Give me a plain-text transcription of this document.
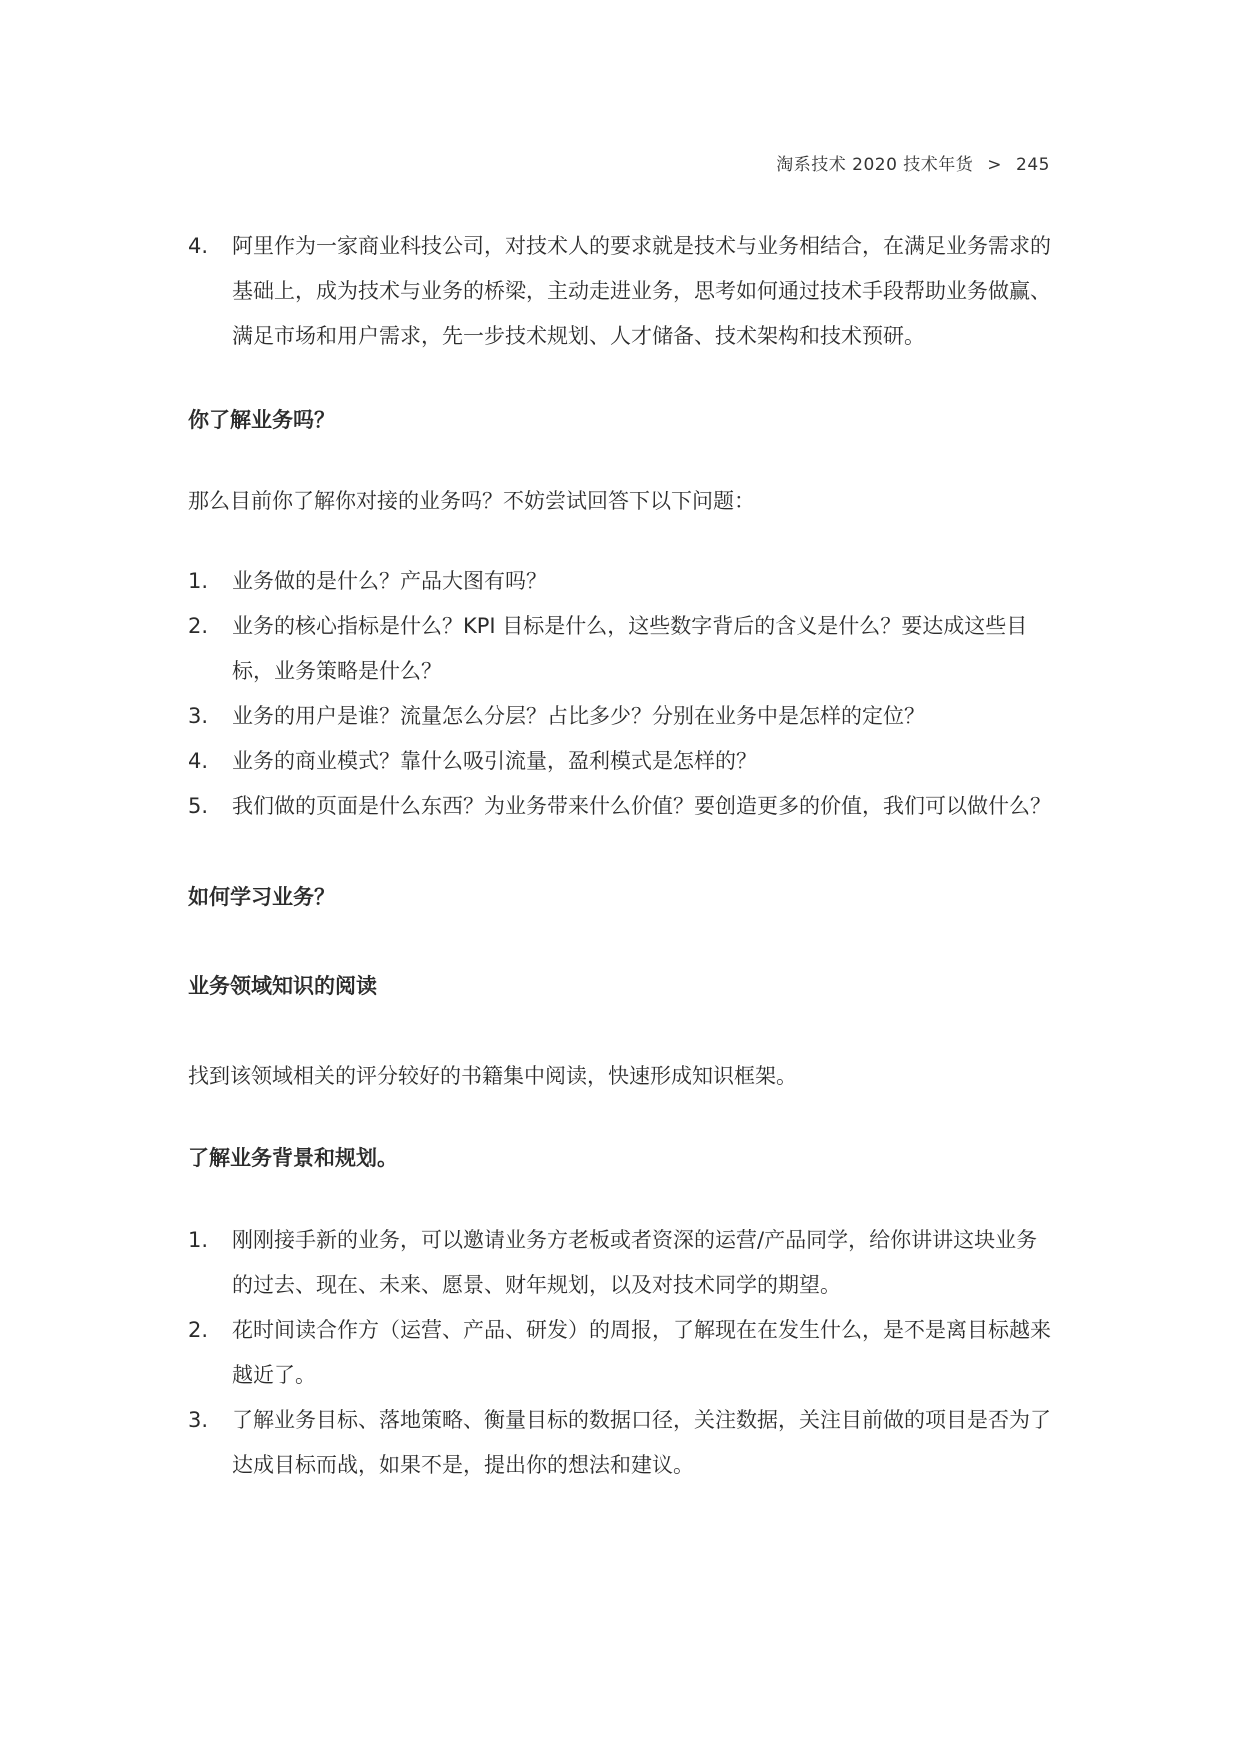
淘系技术 2020 技术年货 > 245
4. 阿里作为一家商业科技公司，对技术人的要求就是技术与业务相结合，在满足业务需求的基础上，成为技术与业务的桥梁，主动走进业务，思考如何通过技术手段帮助业务做赢、满足市场和用户需求，先一步技术规划、人才储备、技术架构和技术预研。
你了解业务吗？
那么目前你了解你对接的业务吗？不妨尝试回答下以下问题：
1. 业务做的是什么？产品大图有吗？
2. 业务的核心指标是什么？KPI 目标是什么，这些数字背后的含义是什么？要达成这些目标，业务策略是什么？
3. 业务的用户是谁？流量怎么分层？占比多少？分别在业务中是怎样的定位？
4. 业务的商业模式？靠什么吸引流量，盈利模式是怎样的？
5. 我们做的页面是什么东西？为业务带来什么价值？要创造更多的价值，我们可以做什么？
如何学习业务？
业务领域知识的阅读
找到该领域相关的评分较好的书籍集中阅读，快速形成知识框架。
了解业务背景和规划。
1. 刚刚接手新的业务，可以邀请业务方老板或者资深的运营/产品同学，给你讲讲这块业务的过去、现在、未来、愿景、财年规划，以及对技术同学的期望。
2. 花时间读合作方（运营、产品、研发）的周报，了解现在在发生什么，是不是离目标越来越近了。
3. 了解业务目标、落地策略、衡量目标的数据口径，关注数据，关注目前做的项目是否为了达成目标而战，如果不是，提出你的想法和建议。
